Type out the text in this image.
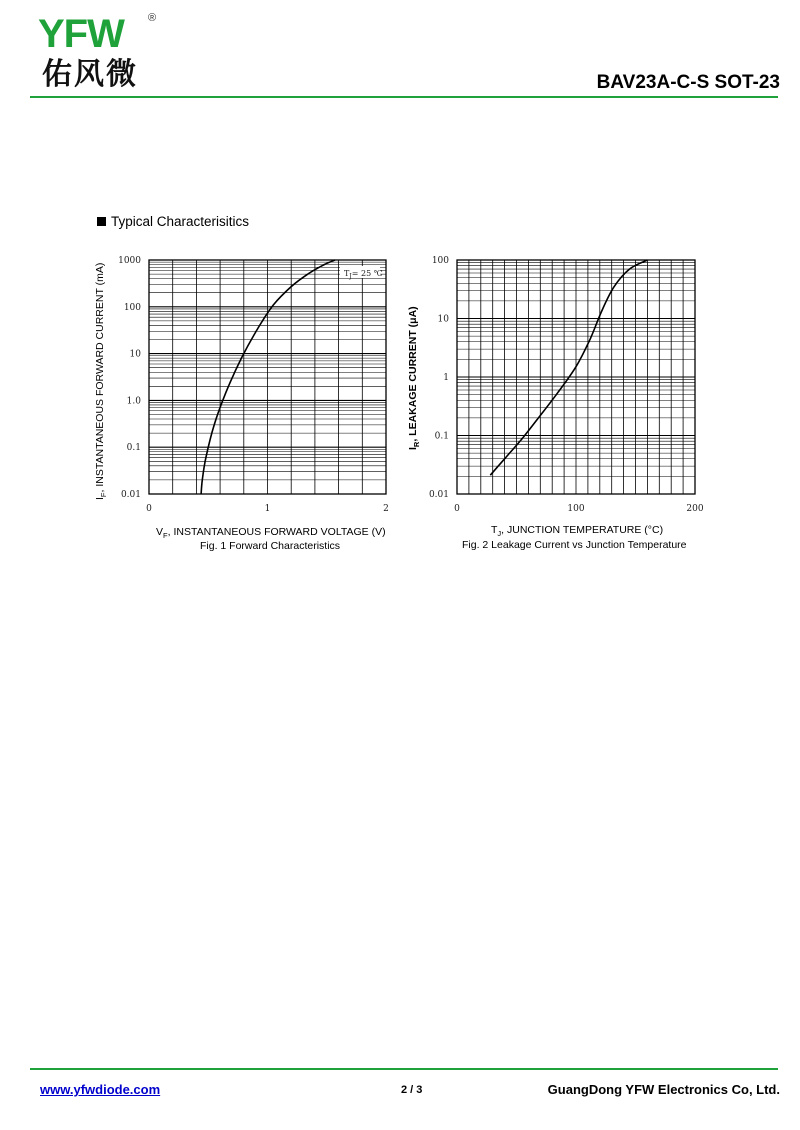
YFW ®
佑风微	BAV23A-C-S SOT-23
Typical Characterisitics
0	1	2
0.01
0.1
1.0
10
100
1000
$T_J= 25$ ℃
$V_F$, INSTANTANEOUS FORWARD VOLTAGE (V)
Fig. 1 Forward Characteristics
$I_F$, INSTANTANEOUS FORWARD CURRENT (mA)
0	100	200
0.01
0.1
1
10
100
$T_J$, JUNCTION TEMPERATURE (°C)
Fig. 2 Leakage Current vs Junction Temperature
$I_R$, LEAKAGE CURRENT (μA)
www.yfwdiode.com	2 / 3	GuangDong YFW Electronics Co, Ltd.
